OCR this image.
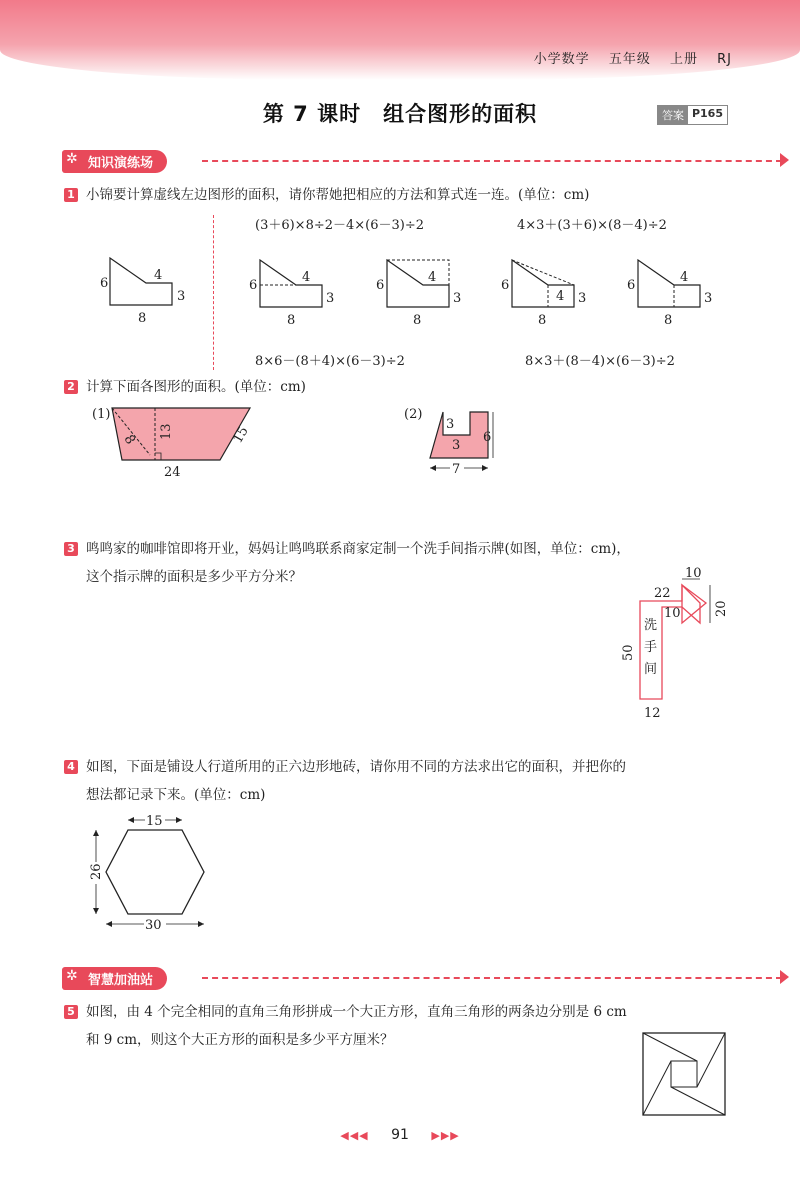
小学数学 五年级 上册 RJ
第 7 课时　组合图形的面积	答案 P165
✲ 知识演练场
1 小锦要计算虚线左边图形的面积，请你帮她把相应的方法和算式连一连。(单位：cm)
(3＋6)×8÷2－4×(6－3)÷2	4×3＋(3＋6)×(8－4)÷2
8×6－(8＋4)×(6－3)÷2	8×3＋(8－4)×(6－3)÷2
6
4
3
8
6
4
3
8
6
4
3
8
6
4 3
8
6
4
3
8
2 计算下面各图形的面积。(单位：cm)
(1)
8 13	15
24
(2)
3
3
6
7
3 鸣鸣家的咖啡馆即将开业，妈妈让鸣鸣联系商家定制一个洗手间指示牌(如图，单位：cm)，
这个指示牌的面积是多少平方分米？	10
22
20
10
洗
手
间
50
12
4 如图，下面是铺设人行道所用的正六边形地砖，请你用不同的方法求出它的面积，并把你的
想法都记录下来。(单位：cm)
15
26
30
✲ 智慧加油站
5 如图，由 4 个完全相同的直角三角形拼成一个大正方形，直角三角形的两条边分别是 6 cm
和 9 cm，则这个大正方形的面积是多少平方厘米？
◀◀◀ 91 ▶▶▶
